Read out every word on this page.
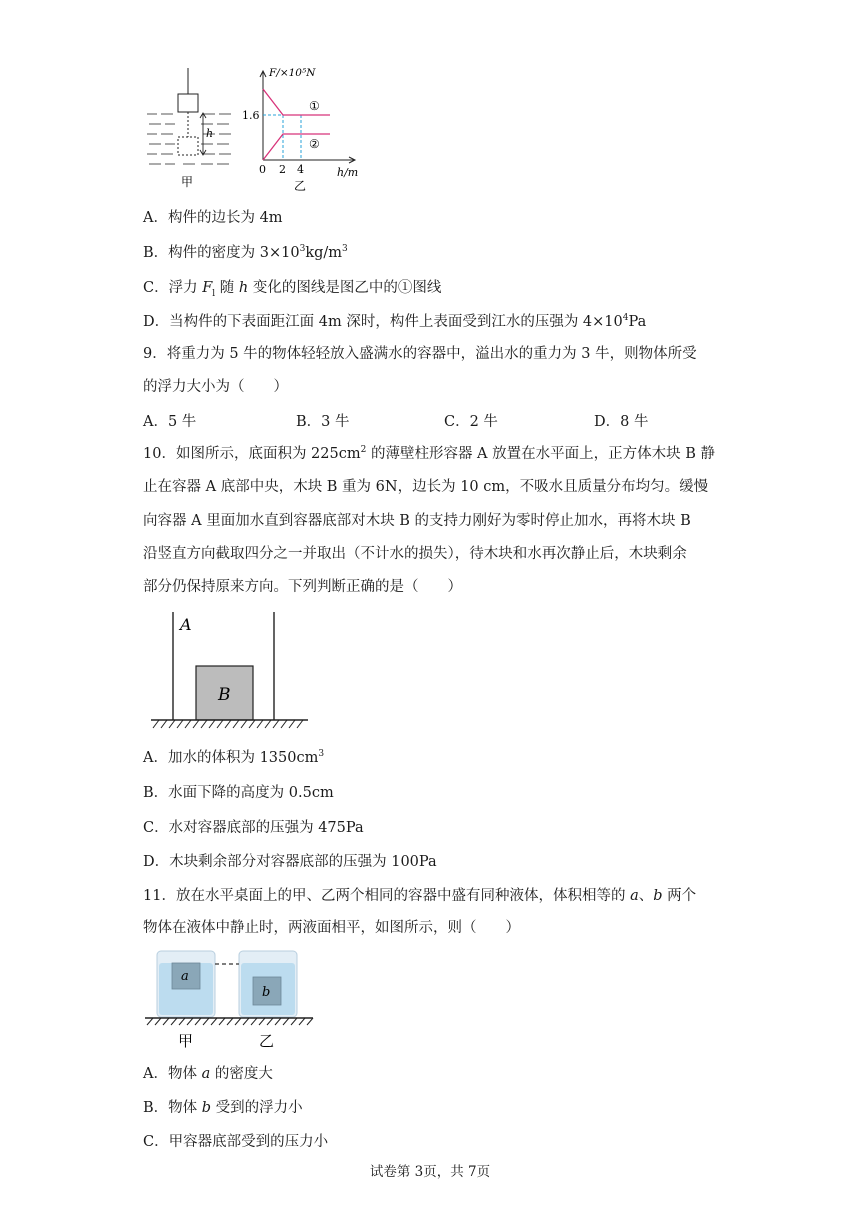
h
甲
F/×10⁵N
1.6
①
②
0 2 4	h/m
乙
A．构件的边长为 4m
B．构件的密度为 $3\times 10^3kg/m^3$
C．浮力 $F_l$ 随 h 变化的图线是图乙中的①图线
D．当构件的下表面距江面 4m 深时，构件上表面受到江水的压强为 $4\times 10^4Pa$
9．将重力为 5 牛的物体轻轻放入盛满水的容器中，溢出水的重力为 3 牛，则物体所受
的浮力大小为（　　）
A．5 牛	B．3 牛	C．2 牛	D．8 牛
10．如图所示，底面积为 $225cm^2$ 的薄壁柱形容器 A 放置在水平面上，正方体木块 B 静
止在容器 A 底部中央，木块 B 重为 6N，边长为 10 cm，不吸水且质量分布均匀。缓慢
向容器 A 里面加水直到容器底部对木块 B 的支持力刚好为零时停止加水，再将木块 B
沿竖直方向截取四分之一并取出（不计水的损失），待木块和水再次静止后，木块剩余
部分仍保持原来方向。下列判断正确的是（　　）
A
B
A．加水的体积为 $1350cm^3$
B．水面下降的高度为 0.5cm
C．水对容器底部的压强为 475Pa
D．木块剩余部分对容器底部的压强为 100Pa
11．放在水平桌面上的甲、乙两个相同的容器中盛有同种液体，体积相等的 a、b 两个
物体在液体中静止时，两液面相平，如图所示，则（　　）
a
b
甲	乙
A．物体 a 的密度大
B．物体 b 受到的浮力小
C．甲容器底部受到的压力小
试卷第 3页，共 7页
